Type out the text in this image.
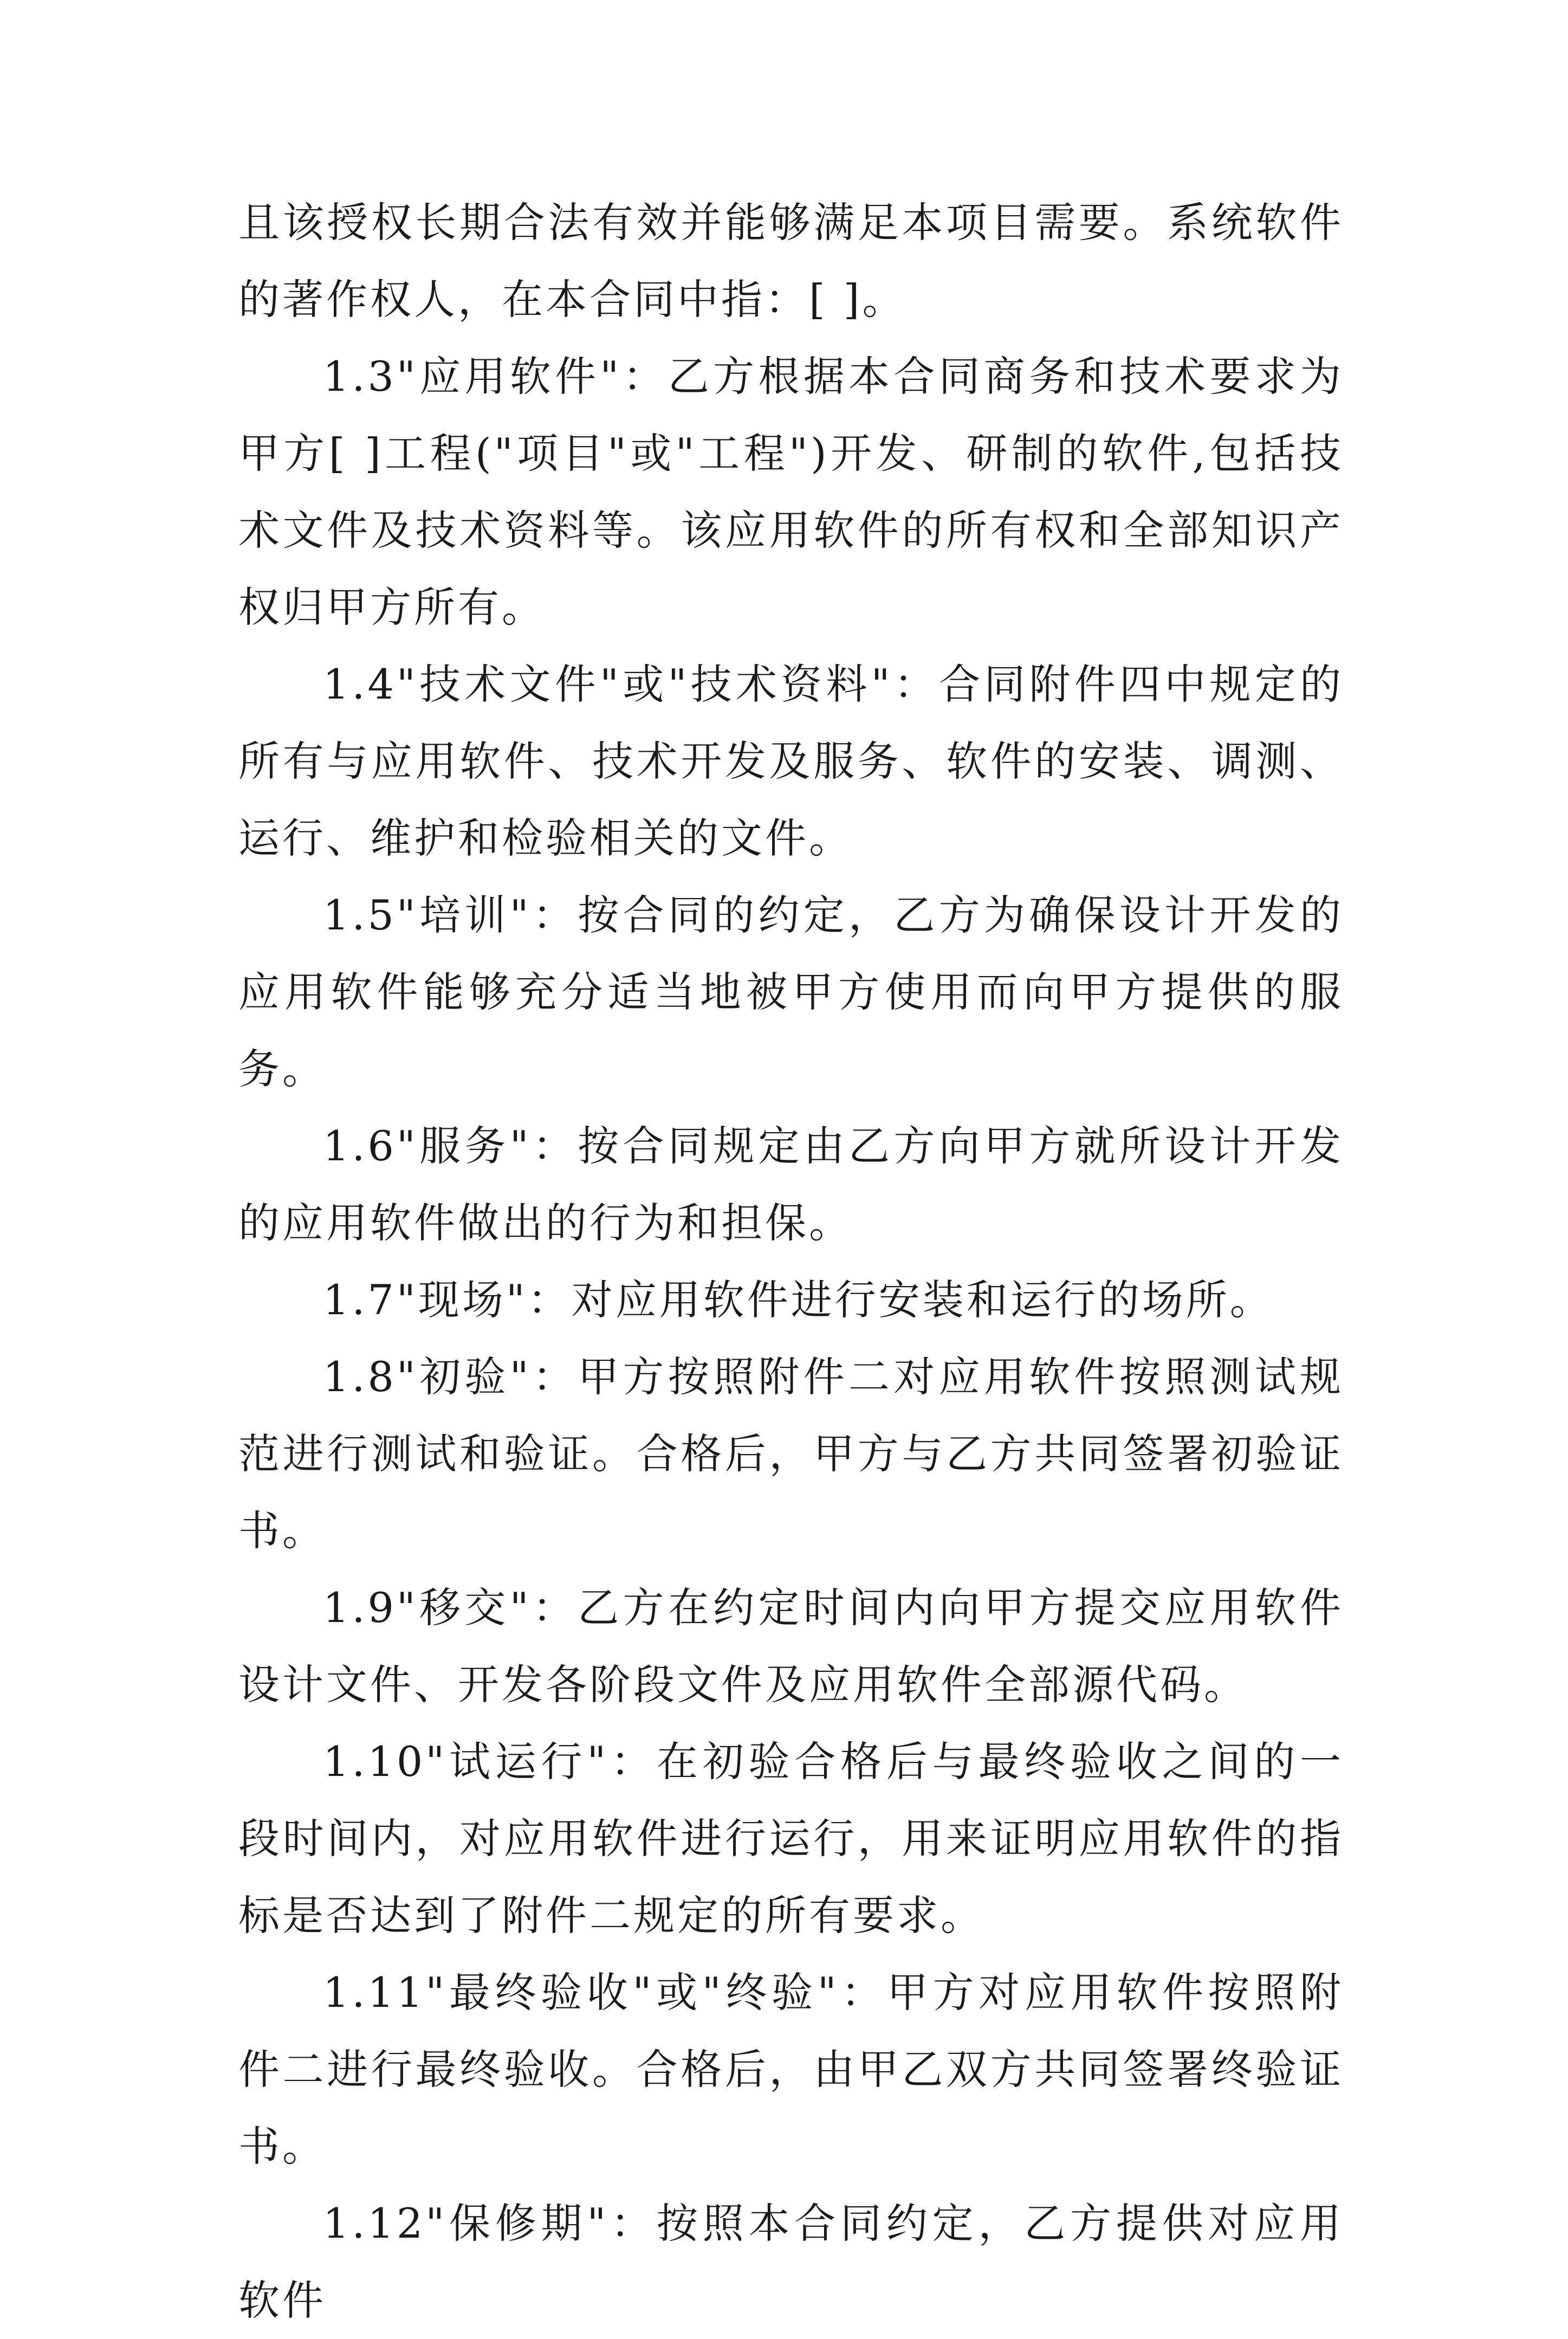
且该授权长期合法有效并能够满足本项目需要。系统软件的著作权人，在本合同中指：[ ]。

1.3"应用软件"：乙方根据本合同商务和技术要求为甲方[ ]工程("项目"或"工程")开发、研制的软件,包括技术文件及技术资料等。该应用软件的所有权和全部知识产权归甲方所有。

1.4"技术文件"或"技术资料"：合同附件四中规定的所有与应用软件、技术开发及服务、软件的安装、调测、运行、维护和检验相关的文件。

1.5"培训"：按合同的约定，乙方为确保设计开发的应用软件能够充分适当地被甲方使用而向甲方提供的服务。

1.6"服务"：按合同规定由乙方向甲方就所设计开发的应用软件做出的行为和担保。

1.7"现场"：对应用软件进行安装和运行的场所。

1.8"初验"：甲方按照附件二对应用软件按照测试规范进行测试和验证。合格后，甲方与乙方共同签署初验证书。

1.9"移交"：乙方在约定时间内向甲方提交应用软件设计文件、开发各阶段文件及应用软件全部源代码。

1.10"试运行"：在初验合格后与最终验收之间的一段时间内，对应用软件进行运行，用来证明应用软件的指标是否达到了附件二规定的所有要求。

1.11"最终验收"或"终验"：甲方对应用软件按照附件二进行最终验收。合格后，由甲乙双方共同签署终验证书。

1.12"保修期"：按照本合同约定，乙方提供对应用软件
